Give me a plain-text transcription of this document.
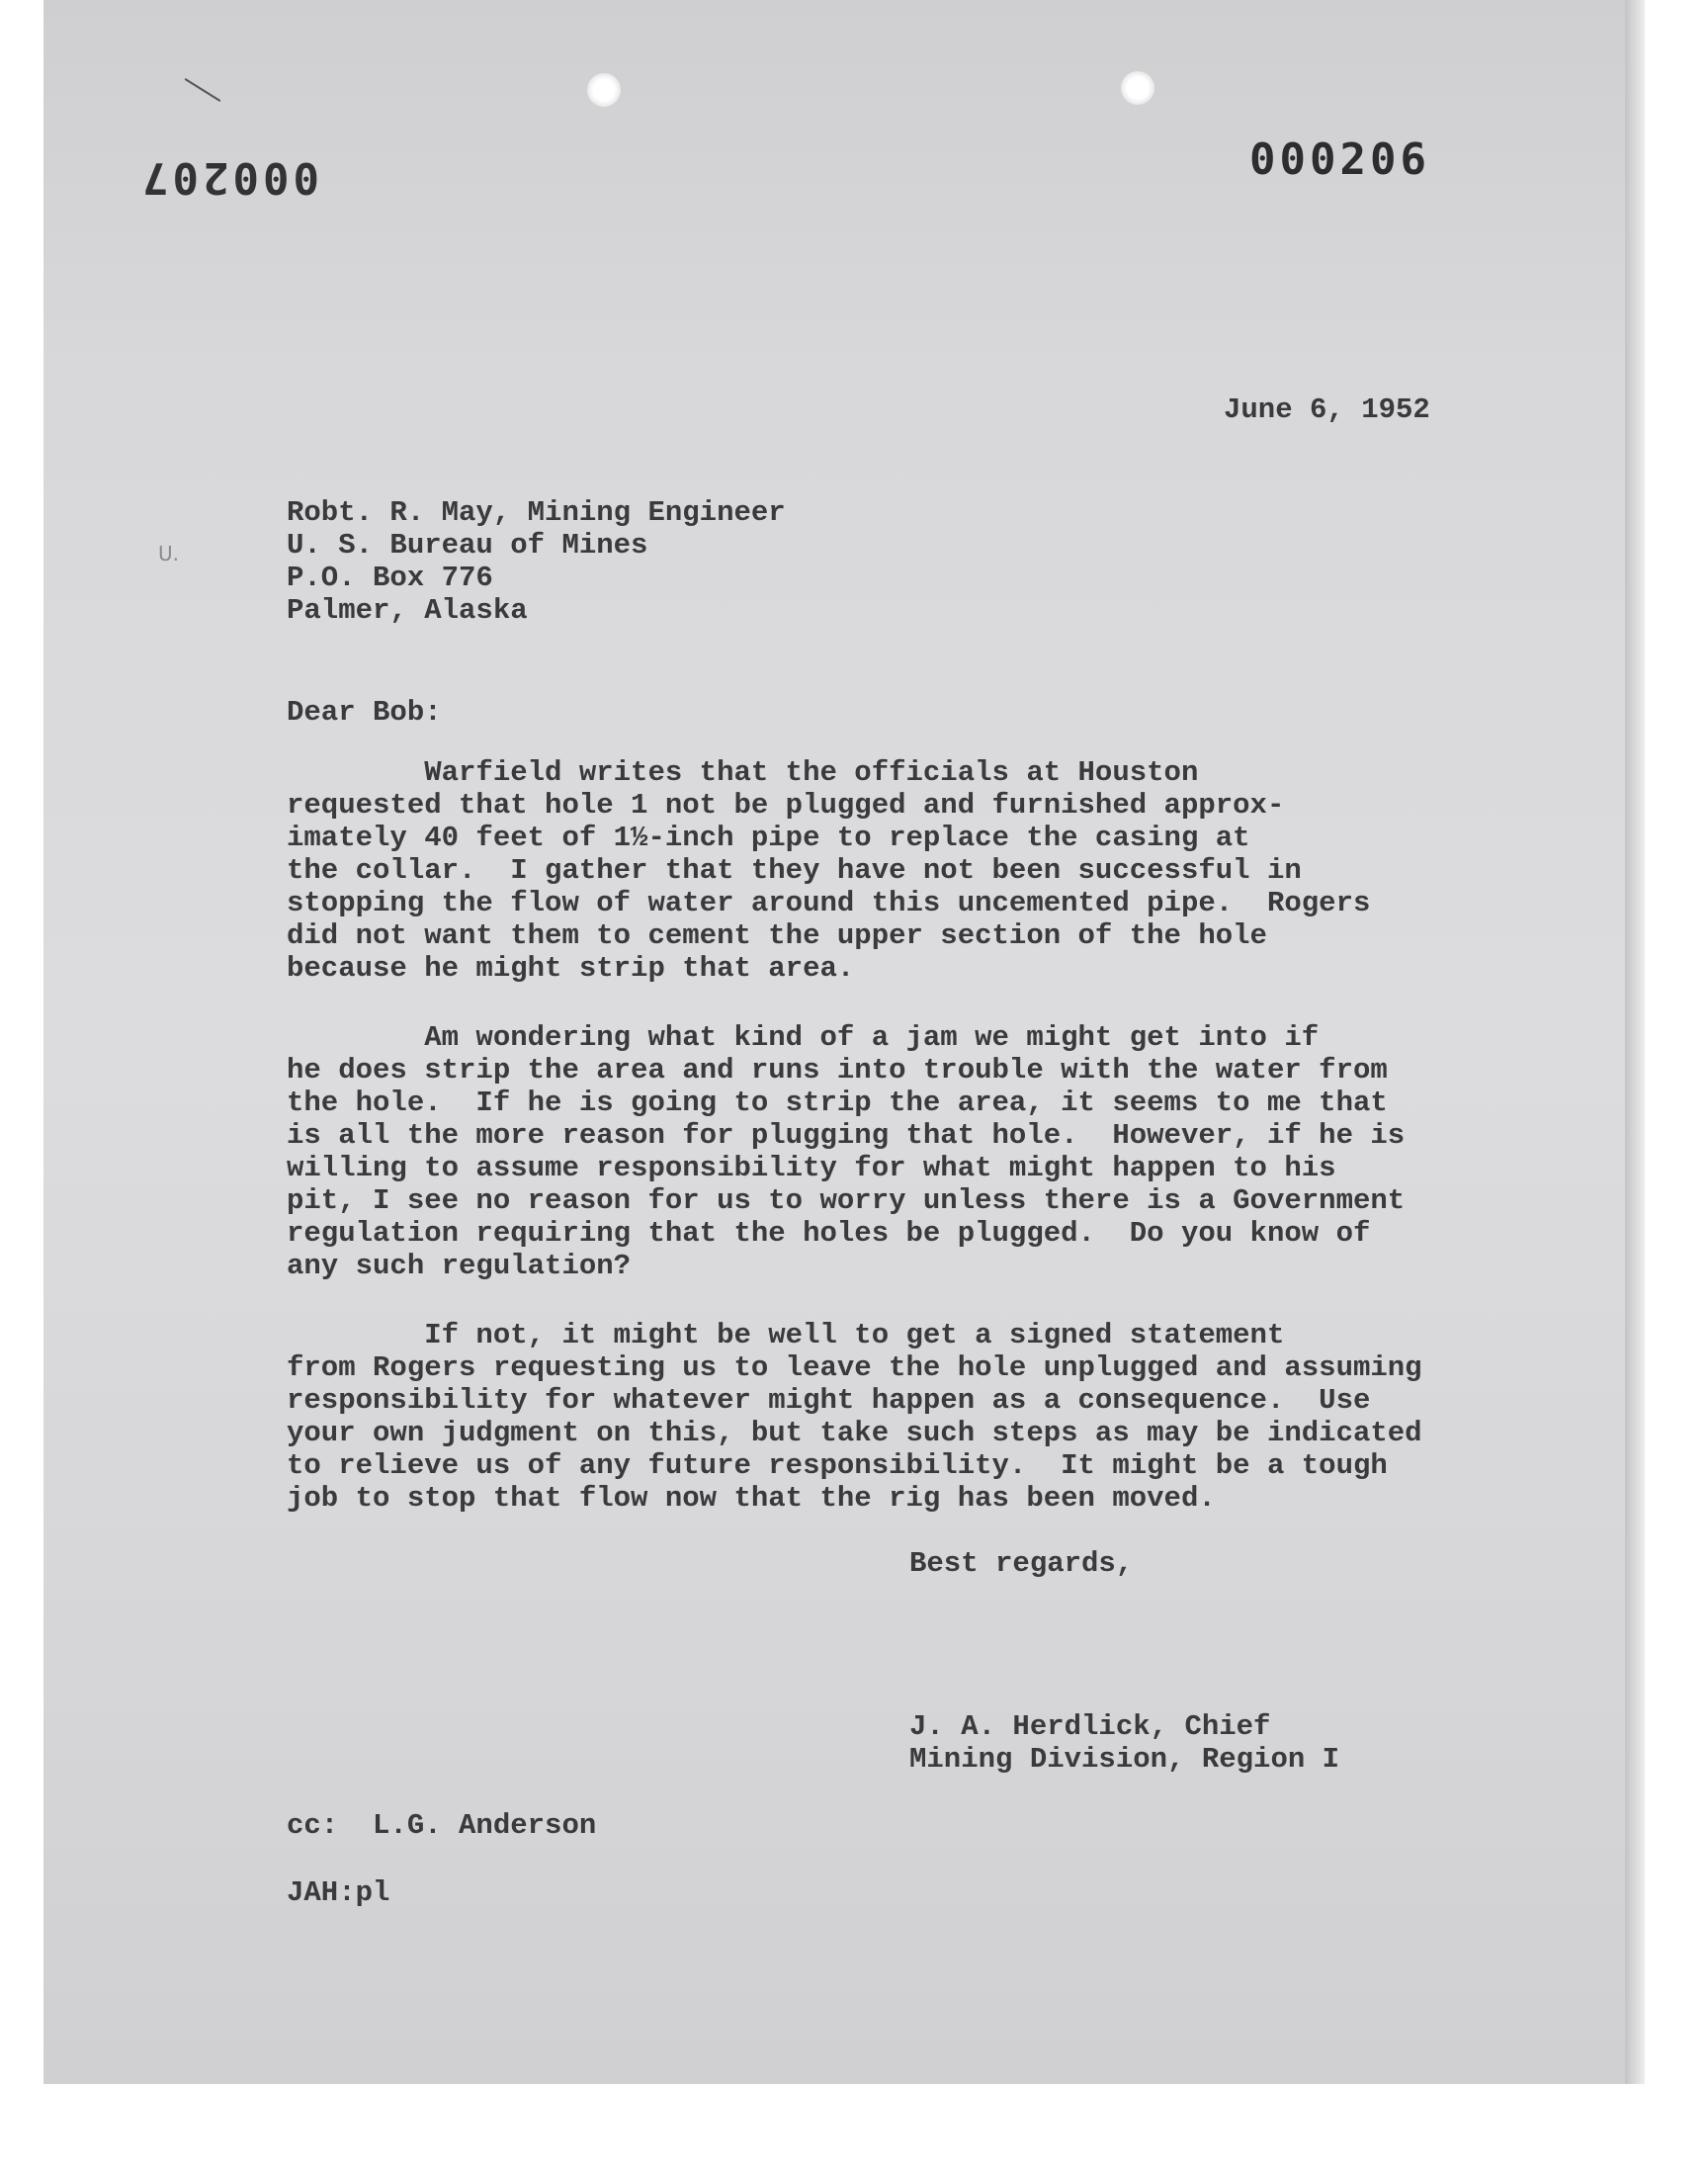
000207	000206
U.
June 6, 1952
Robt. R. May, Mining Engineer
U. S. Bureau of Mines
P.O. Box 776
Palmer, Alaska
Dear Bob:
Warfield writes that the officials at Houston
requested that hole 1 not be plugged and furnished approx-
imately 40 feet of 1½-inch pipe to replace the casing at
the collar.  I gather that they have not been successful in
stopping the flow of water around this uncemented pipe.  Rogers
did not want them to cement the upper section of the hole
because he might strip that area.
Am wondering what kind of a jam we might get into if
he does strip the area and runs into trouble with the water from
the hole.  If he is going to strip the area, it seems to me that
is all the more reason for plugging that hole.  However, if he is
willing to assume responsibility for what might happen to his
pit, I see no reason for us to worry unless there is a Government
regulation requiring that the holes be plugged.  Do you know of
any such regulation?
If not, it might be well to get a signed statement
from Rogers requesting us to leave the hole unplugged and assuming
responsibility for whatever might happen as a consequence.  Use
your own judgment on this, but take such steps as may be indicated
to relieve us of any future responsibility.  It might be a tough
job to stop that flow now that the rig has been moved.
Best regards,
J. A. Herdlick, Chief
Mining Division, Region I
cc:  L.G. Anderson
JAH:pl
